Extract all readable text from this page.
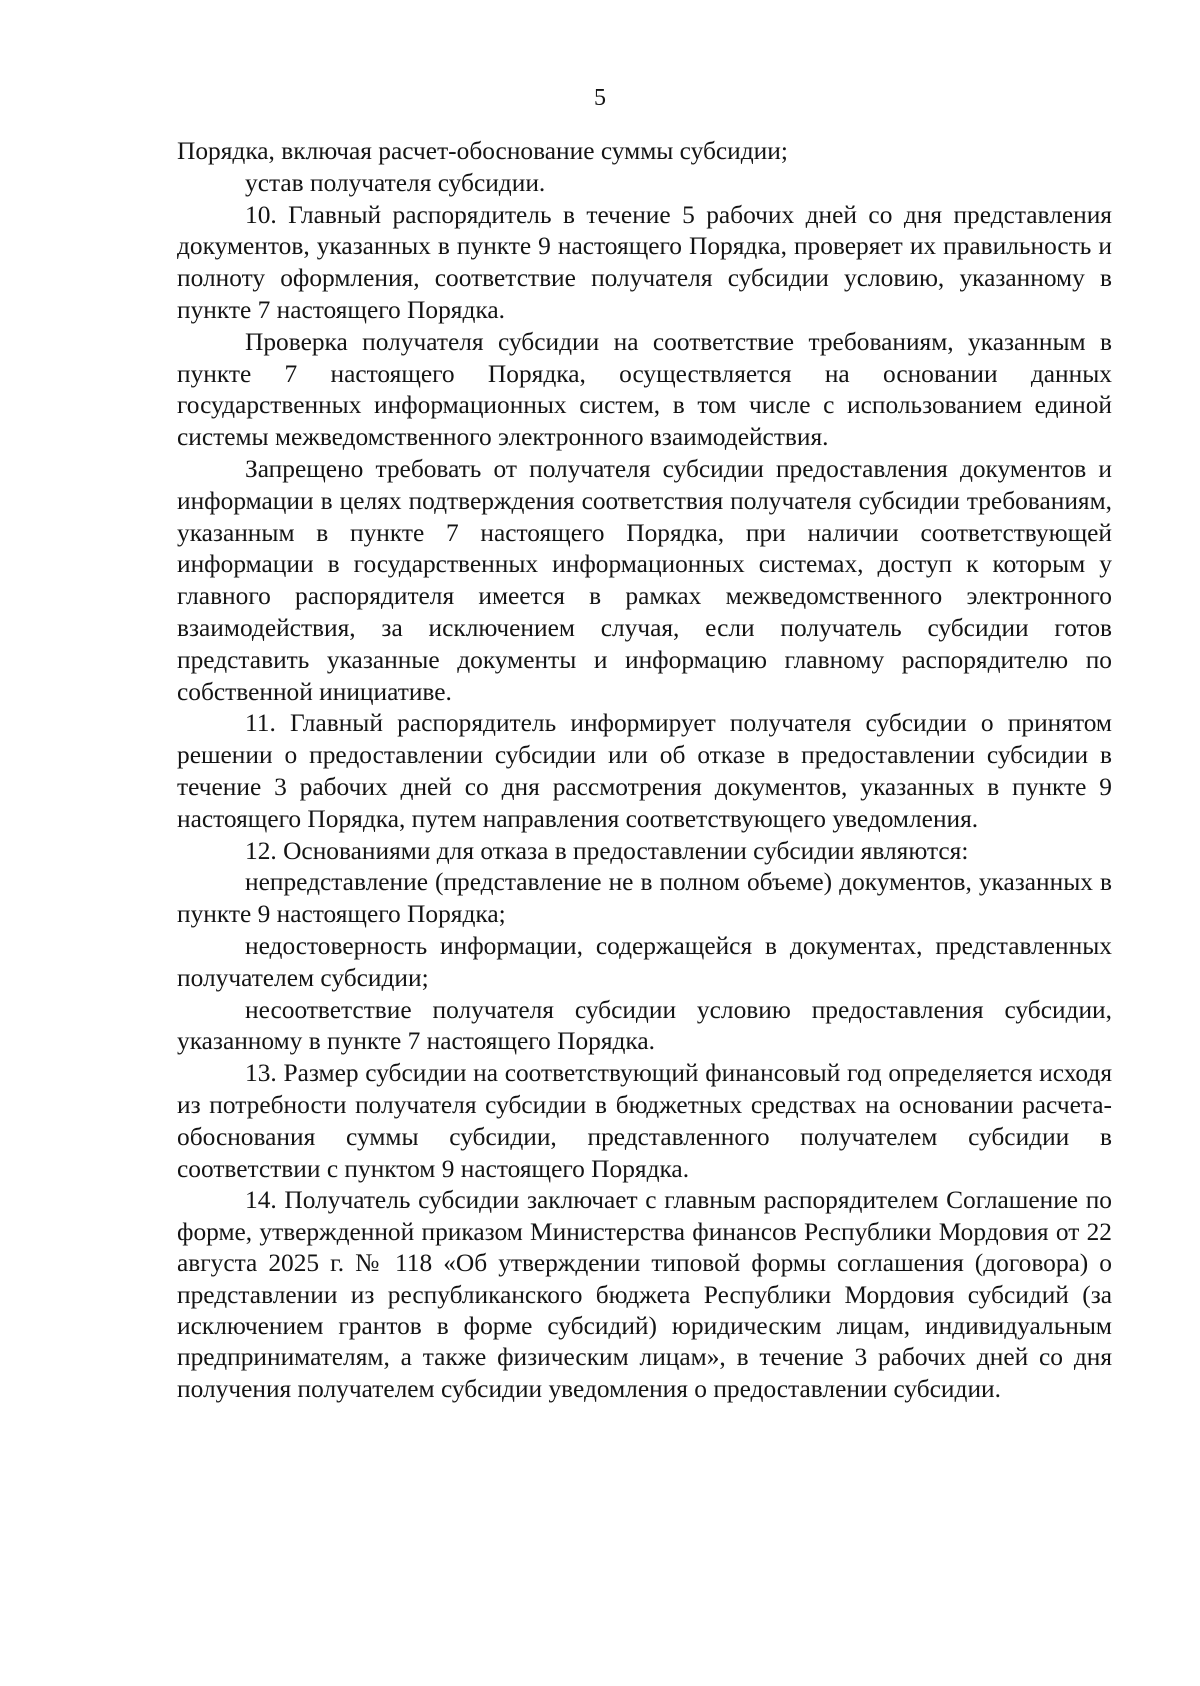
5

Порядка, включая расчет-обоснование суммы субсидии;

устав получателя субсидии.

10. Главный распорядитель в течение 5 рабочих дней со дня представления документов, указанных в пункте 9 настоящего Порядка, проверяет их правильность и полноту оформления, соответствие получателя субсидии условию, указанному в пункте 7 настоящего Порядка.

Проверка получателя субсидии на соответствие требованиям, указанным в пункте 7 настоящего Порядка, осуществляется на основании данных государственных информационных систем, в том числе с использованием единой системы межведомственного электронного взаимодействия.

Запрещено требовать от получателя субсидии предоставления документов и информации в целях подтверждения соответствия получателя субсидии требованиям, указанным в пункте 7 настоящего Порядка, при наличии соответствующей информации в государственных информационных системах, доступ к которым у главного распорядителя имеется в рамках межведомственного электронного взаимодействия, за исключением случая, если получатель субсидии готов представить указанные документы и информацию главному распорядителю по собственной инициативе.

11. Главный распорядитель информирует получателя субсидии о принятом решении о предоставлении субсидии или об отказе в предоставлении субсидии в течение 3 рабочих дней со дня рассмотрения документов, указанных в пункте 9 настоящего Порядка, путем направления соответствующего уведомления.

12. Основаниями для отказа в предоставлении субсидии являются:

непредставление (представление не в полном объеме) документов, указанных в пункте 9 настоящего Порядка;

недостоверность информации, содержащейся в документах, представленных получателем субсидии;

несоответствие получателя субсидии условию предоставления субсидии, указанному в пункте 7 настоящего Порядка.

13. Размер субсидии на соответствующий финансовый год определяется исходя из потребности получателя субсидии в бюджетных средствах на основании расчета-обоснования суммы субсидии, представленного получателем субсидии в соответствии с пунктом 9 настоящего Порядка.

14. Получатель субсидии заключает с главным распорядителем Соглашение по форме, утвержденной приказом Министерства финансов Республики Мордовия от 22 августа 2025 г. № 118 «Об утверждении типовой формы соглашения (договора) о представлении из республиканского бюджета Республики Мордовия субсидий (за исключением грантов в форме субсидий) юридическим лицам, индивидуальным предпринимателям, а также физическим лицам», в течение 3 рабочих дней со дня получения получателем субсидии уведомления о предоставлении субсидии.
